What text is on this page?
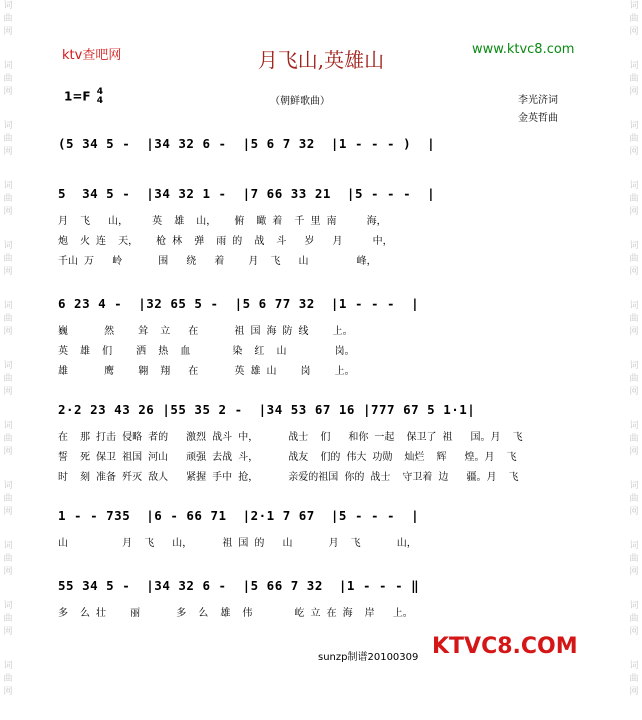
词
曲
网
词
曲
网
词
曲
网
词
曲
网
词
曲
网
词
曲
网
词
曲
网
词
曲
网
词
曲
网
词
曲
网
词
曲
网
词
曲
网
词
曲
网
词
曲
网
词
曲
网
词
曲
网
词
曲
网
词
曲
网
词
曲
网
词
曲
网
词
曲
网
词
曲
网
词
曲
网
词
曲
网
ktv查吧网	www.ktvc8.com
月飞山,英雄山
1=F 4
4	（朝鲜歌曲）	李光济词
金英哲曲
(5 34 5 -  |34 32 6 -  |5 6 7 32  |1 - - - )  |
5  34 5 -  |34 32 1 -  |7 66 33 21  |5 - - -  |
月  飞   山，    英  雄  山，   俯  瞰 着  千 里 南     海，
炮  火 连  天，   枪 林  弹  雨 的  战  斗   岁   月     中，
千山 万   岭      围   绕   着    月  飞   山        峰，
6 23 4 -  |32 65 5 -  |5 6 77 32  |1 - - -  |
巍      然    耸  立   在      祖 国 海 防 线    上。
英  雄  们    洒  热  血       染  红  山        岗。
雄      鹰    翱  翔   在      英 雄 山    岗    上。
2·2 23 43 26 |55 35 2 -  |34 53 67 16 |777 67 5 1·1|
在  那 打击 侵略 者的   激烈 战斗 中，     战士  们   和你 一起  保卫了 祖   国。月  飞
誓  死 保卫 祖国 河山   顽强 去战 斗，     战友  们的 伟大 功勋  灿烂  辉   煌。月  飞
时  刻 准备 歼灭 敌人   紧握 手中 抢，     亲爱的祖国 你的 战士  守卫着 边   疆。月  飞
1 - - 735  |6 - 66 71  |2·1 7 67  |5 - - -  |
山         月  飞   山，     祖 国 的   山      月  飞      山，
55 34 5 -  |34 32 6 -  |5 66 7 32  |1 - - - ‖
多  么 壮    丽      多  么  雄  伟       屹 立 在 海  岸   上。
sunzp制谱20100309 KTVC8.COM
